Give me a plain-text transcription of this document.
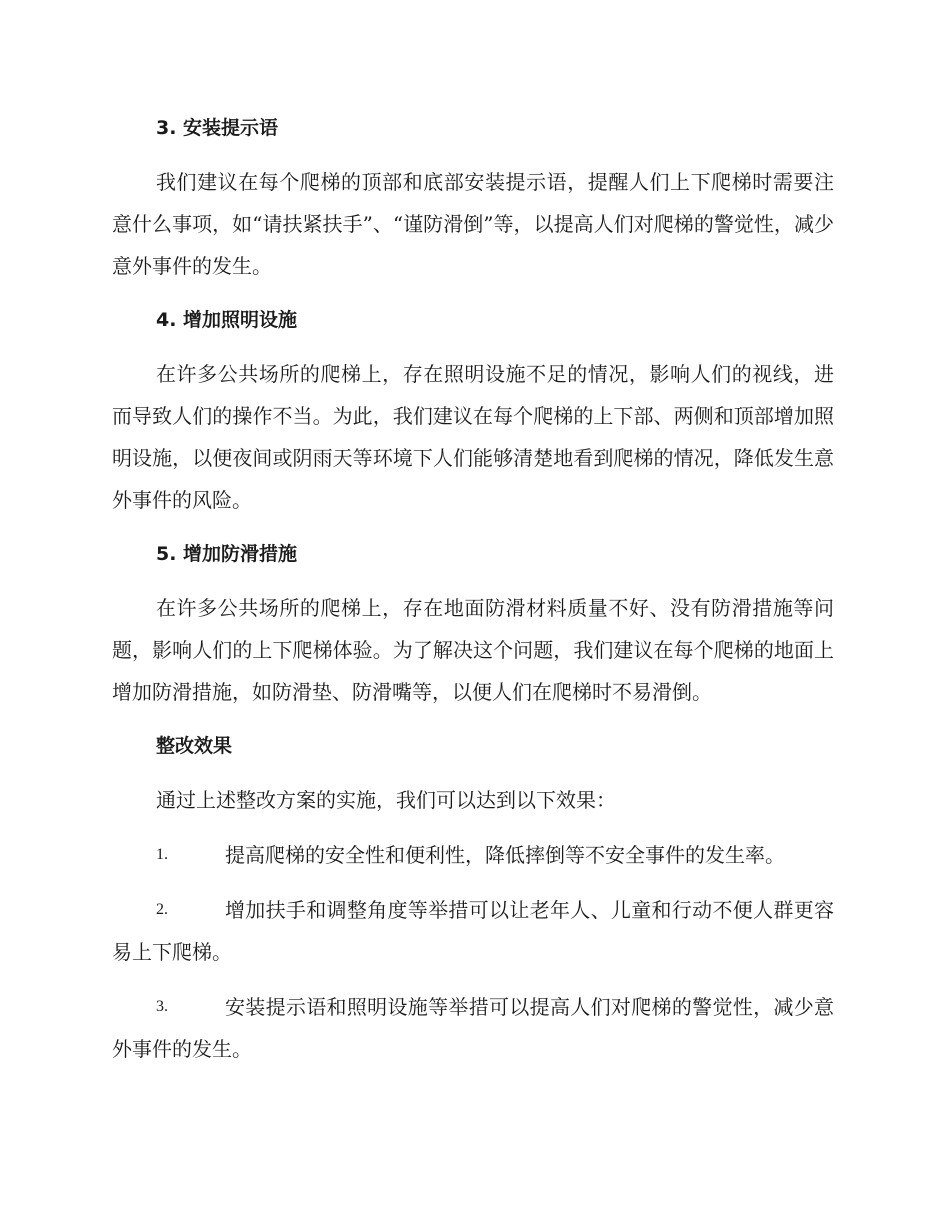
3. 安装提示语

我们建议在每个爬梯的顶部和底部安装提示语，提醒人们上下爬梯时需要注意什么事项，如“请扶紧扶手”、“谨防滑倒”等，以提高人们对爬梯的警觉性，减少意外事件的发生。

4. 增加照明设施

在许多公共场所的爬梯上，存在照明设施不足的情况，影响人们的视线，进而导致人们的操作不当。为此，我们建议在每个爬梯的上下部、两侧和顶部增加照明设施，以便夜间或阴雨天等环境下人们能够清楚地看到爬梯的情况，降低发生意外事件的风险。

5. 增加防滑措施

在许多公共场所的爬梯上，存在地面防滑材料质量不好、没有防滑措施等问题，影响人们的上下爬梯体验。为了解决这个问题，我们建议在每个爬梯的地面上增加防滑措施，如防滑垫、防滑嘴等，以便人们在爬梯时不易滑倒。

整改效果

通过上述整改方案的实施，我们可以达到以下效果：

1.	提高爬梯的安全性和便利性，降低摔倒等不安全事件的发生率。
2.	增加扶手和调整角度等举措可以让老年人、儿童和行动不便人群更容易上下爬梯。
3.	安装提示语和照明设施等举措可以提高人们对爬梯的警觉性，减少意外事件的发生。
